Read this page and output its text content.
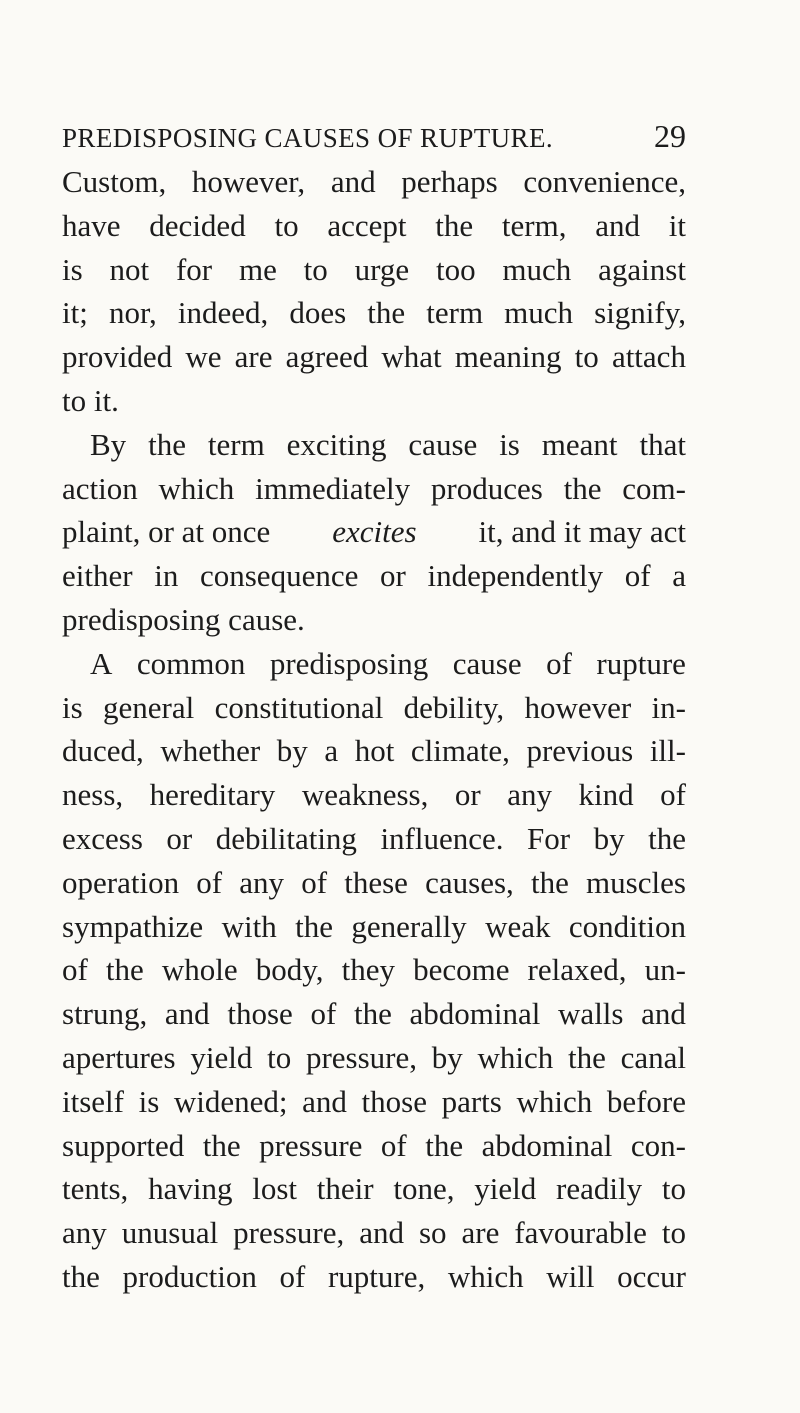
PREDISPOSING CAUSES OF RUPTURE.	29
Custom, however, and perhaps convenience,
have decided to accept the term, and it
is not for me to urge too much against
it; nor, indeed, does the term much signify,
provided we are agreed what meaning to attach
to it.
By the term exciting cause is meant that
action which immediately produces the com-
plaint, or at once excites it, and it may act
either in consequence or independently of a
predisposing cause.
A common predisposing cause of rupture
is general constitutional debility, however in-
duced, whether by a hot climate, previous ill-
ness, hereditary weakness, or any kind of
excess or debilitating influence. For by the
operation of any of these causes, the muscles
sympathize with the generally weak condition
of the whole body, they become relaxed, un-
strung, and those of the abdominal walls and
apertures yield to pressure, by which the canal
itself is widened; and those parts which before
supported the pressure of the abdominal con-
tents, having lost their tone, yield readily to
any unusual pressure, and so are favourable to
the production of rupture, which will occur
